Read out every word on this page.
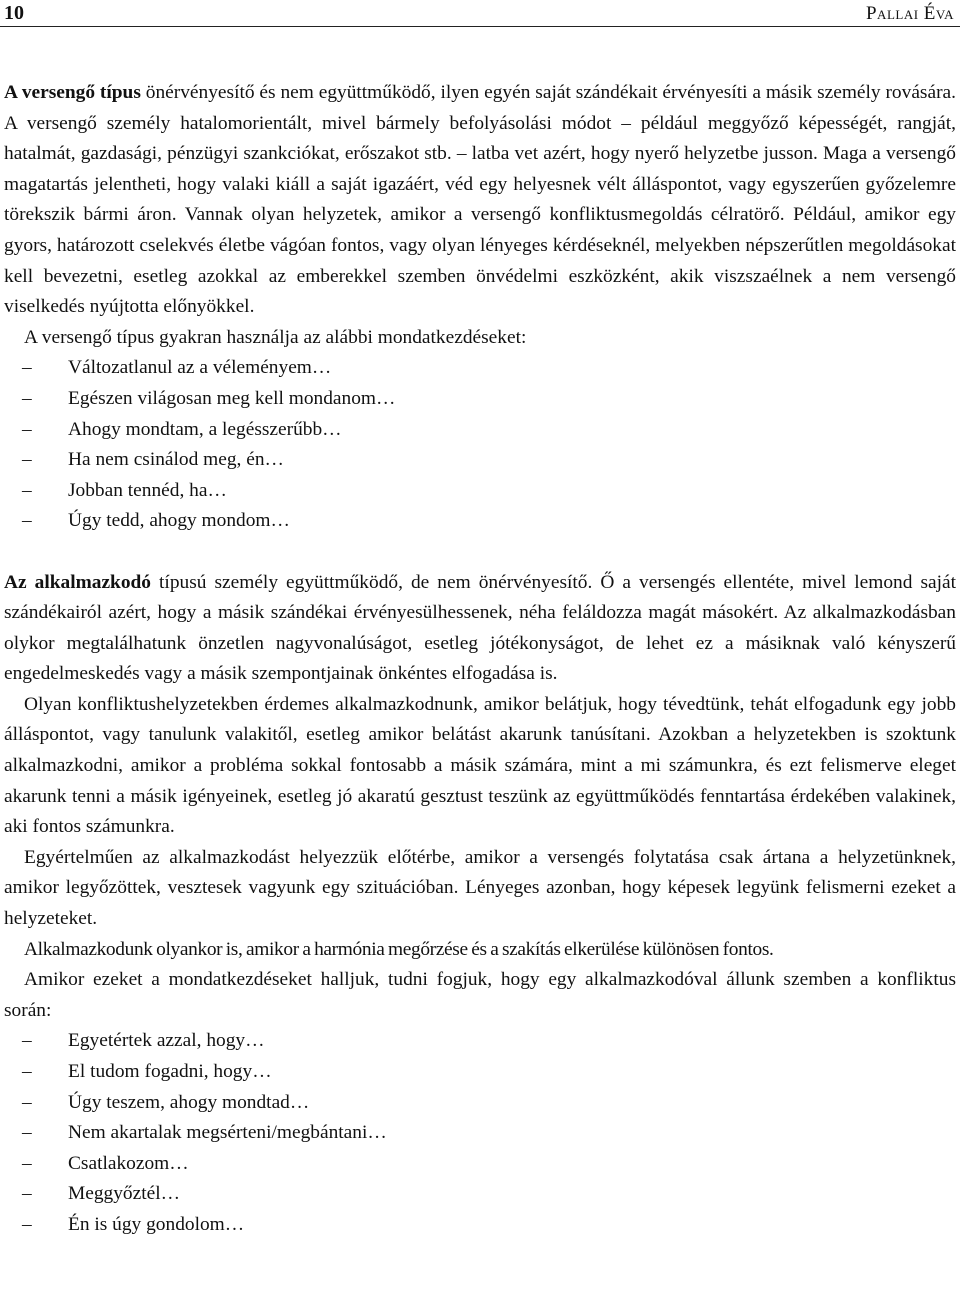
10	Pallai Éva

A versengő típus önérvényesítő és nem együttműködő, ilyen egyén saját szándékait érvényesíti a másik személy rovására. A versengő személy hatalomorientált, mivel bármely befolyásolási módot – például meggyőző képességét, rangját, hatalmát, gazdasági, pénzügyi szankciókat, erőszakot stb. – latba vet azért, hogy nyerő helyzetbe jusson. Maga a versengő magatartás jelentheti, hogy valaki kiáll a saját igazáért, véd egy helyesnek vélt álláspontot, vagy egyszerűen győzelemre törekszik bármi áron. Vannak olyan helyzetek, amikor a versengő konfliktusmegoldás célratörő. Például, amikor egy gyors, határozott cselekvés életbe vágóan fontos, vagy olyan lényeges kérdéseknél, melyekben népszerűtlen megoldásokat kell bevezetni, esetleg azokkal az emberekkel szemben önvédelmi eszközként, akik viszszaélnek a nem versengő viselkedés nyújtotta előnyökkel.

A versengő típus gyakran használja az alábbi mondatkezdéseket:

– Változatlanul az a véleményem…
– Egészen világosan meg kell mondanom…
– Ahogy mondtam, a legésszerűbb…
– Ha nem csinálod meg, én…
– Jobban tennéd, ha…
– Úgy tedd, ahogy mondom…

Az alkalmazkodó típusú személy együttműködő, de nem önérvényesítő. Ő a versengés ellentéte, mivel lemond saját szándékairól azért, hogy a másik szándékai érvényesülhessenek, néha feláldozza magát másokért. Az alkalmazkodásban olykor megtalálhatunk önzetlen nagyvonalúságot, esetleg jótékonyságot, de lehet ez a másiknak való kényszerű engedelmeskedés vagy a másik szempontjainak önkéntes elfogadása is.

Olyan konfliktushelyzetekben érdemes alkalmazkodnunk, amikor belátjuk, hogy tévedtünk, tehát elfogadunk egy jobb álláspontot, vagy tanulunk valakitől, esetleg amikor belátást akarunk tanúsítani. Azokban a helyzetekben is szoktunk alkalmazkodni, amikor a probléma sokkal fontosabb a másik számára, mint a mi számunkra, és ezt felismerve eleget akarunk tenni a másik igényeinek, esetleg jó akaratú gesztust teszünk az együttműködés fenntartása érdekében valakinek, aki fontos számunkra.

Egyértelműen az alkalmazkodást helyezzük előtérbe, amikor a versengés folytatása csak ártana a helyzetünknek, amikor legyőzöttek, vesztesek vagyunk egy szituációban. Lényeges azonban, hogy képesek legyünk felismerni ezeket a helyzeteket.

Alkalmazkodunk olyankor is, amikor a harmónia megőrzése és a szakítás elkerülése különösen fontos.

Amikor ezeket a mondatkezdéseket halljuk, tudni fogjuk, hogy egy alkalmazkodóval állunk szemben a konfliktus során:

– Egyetértek azzal, hogy…
– El tudom fogadni, hogy…
– Úgy teszem, ahogy mondtad…
– Nem akartalak megsérteni/megbántani…
– Csatlakozom…
– Meggyőztél…
– Én is úgy gondolom…
